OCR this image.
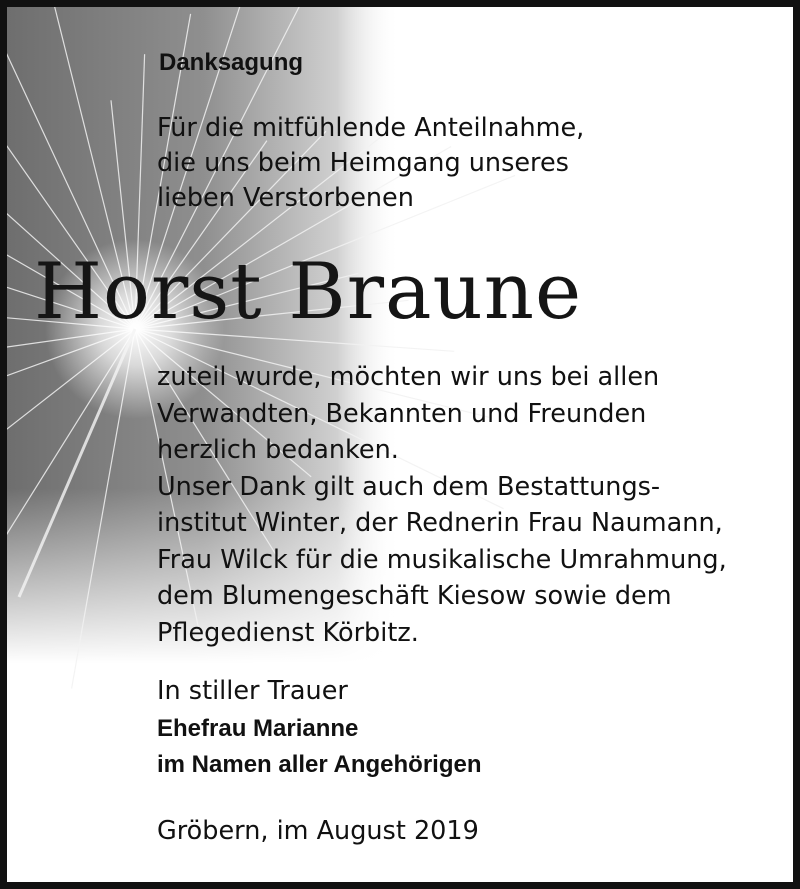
Danksagung
Für die mitfühlende Anteilnahme,
die uns beim Heimgang unseres
lieben Verstorbenen
Horst Braune
zuteil wurde, möchten wir uns bei allen
Verwandten, Bekannten und Freunden
herzlich bedanken.
Unser Dank gilt auch dem Bestattungs-
institut Winter, der Rednerin Frau Naumann,
Frau Wilck für die musikalische Umrahmung,
dem Blumengeschäft Kiesow sowie dem
Pflegedienst Körbitz.
In stiller Trauer
Ehefrau Marianne
im Namen aller Angehörigen
Gröbern, im August 2019
